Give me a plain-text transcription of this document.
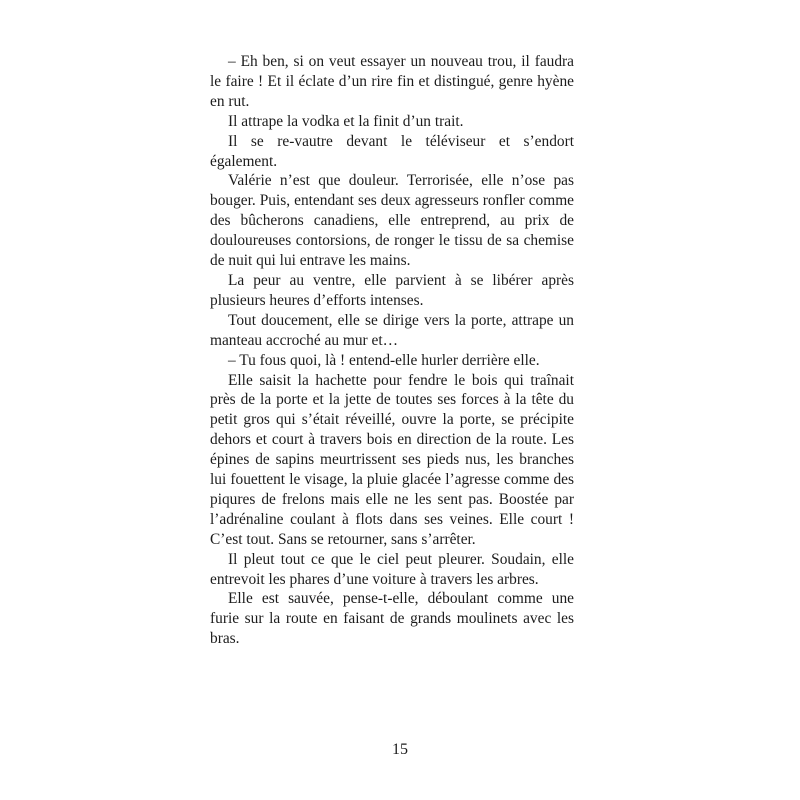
– Eh ben, si on veut essayer un nouveau trou, il faudra le faire ! Et il éclate d’un rire fin et distingué, genre hyène en rut.

Il attrape la vodka et la finit d’un trait.

Il se re-vautre devant le téléviseur et s’endort également.

Valérie n’est que douleur. Terrorisée, elle n’ose pas bouger. Puis, entendant ses deux agresseurs ronfler comme des bûcherons canadiens, elle entreprend, au prix de douloureuses contorsions, de ronger le tissu de sa chemise de nuit qui lui entrave les mains.

La peur au ventre, elle parvient à se libérer après plusieurs heures d’efforts intenses.

Tout doucement, elle se dirige vers la porte, attrape un manteau accroché au mur et…

– Tu fous quoi, là ! entend-elle hurler derrière elle.

Elle saisit la hachette pour fendre le bois qui traînait près de la porte et la jette de toutes ses forces à la tête du petit gros qui s’était réveillé, ouvre la porte, se précipite dehors et court à travers bois en direction de la route. Les épines de sapins meurtrissent ses pieds nus, les branches lui fouettent le visage, la pluie glacée l’agresse comme des piqures de frelons mais elle ne les sent pas. Boostée par l’adrénaline coulant à flots dans ses veines. Elle court ! C’est tout. Sans se retourner, sans s’arrêter.

Il pleut tout ce que le ciel peut pleurer. Soudain, elle entrevoit les phares d’une voiture à travers les arbres.

Elle est sauvée, pense-t-elle, déboulant comme une furie sur la route en faisant de grands moulinets avec les bras.

15
